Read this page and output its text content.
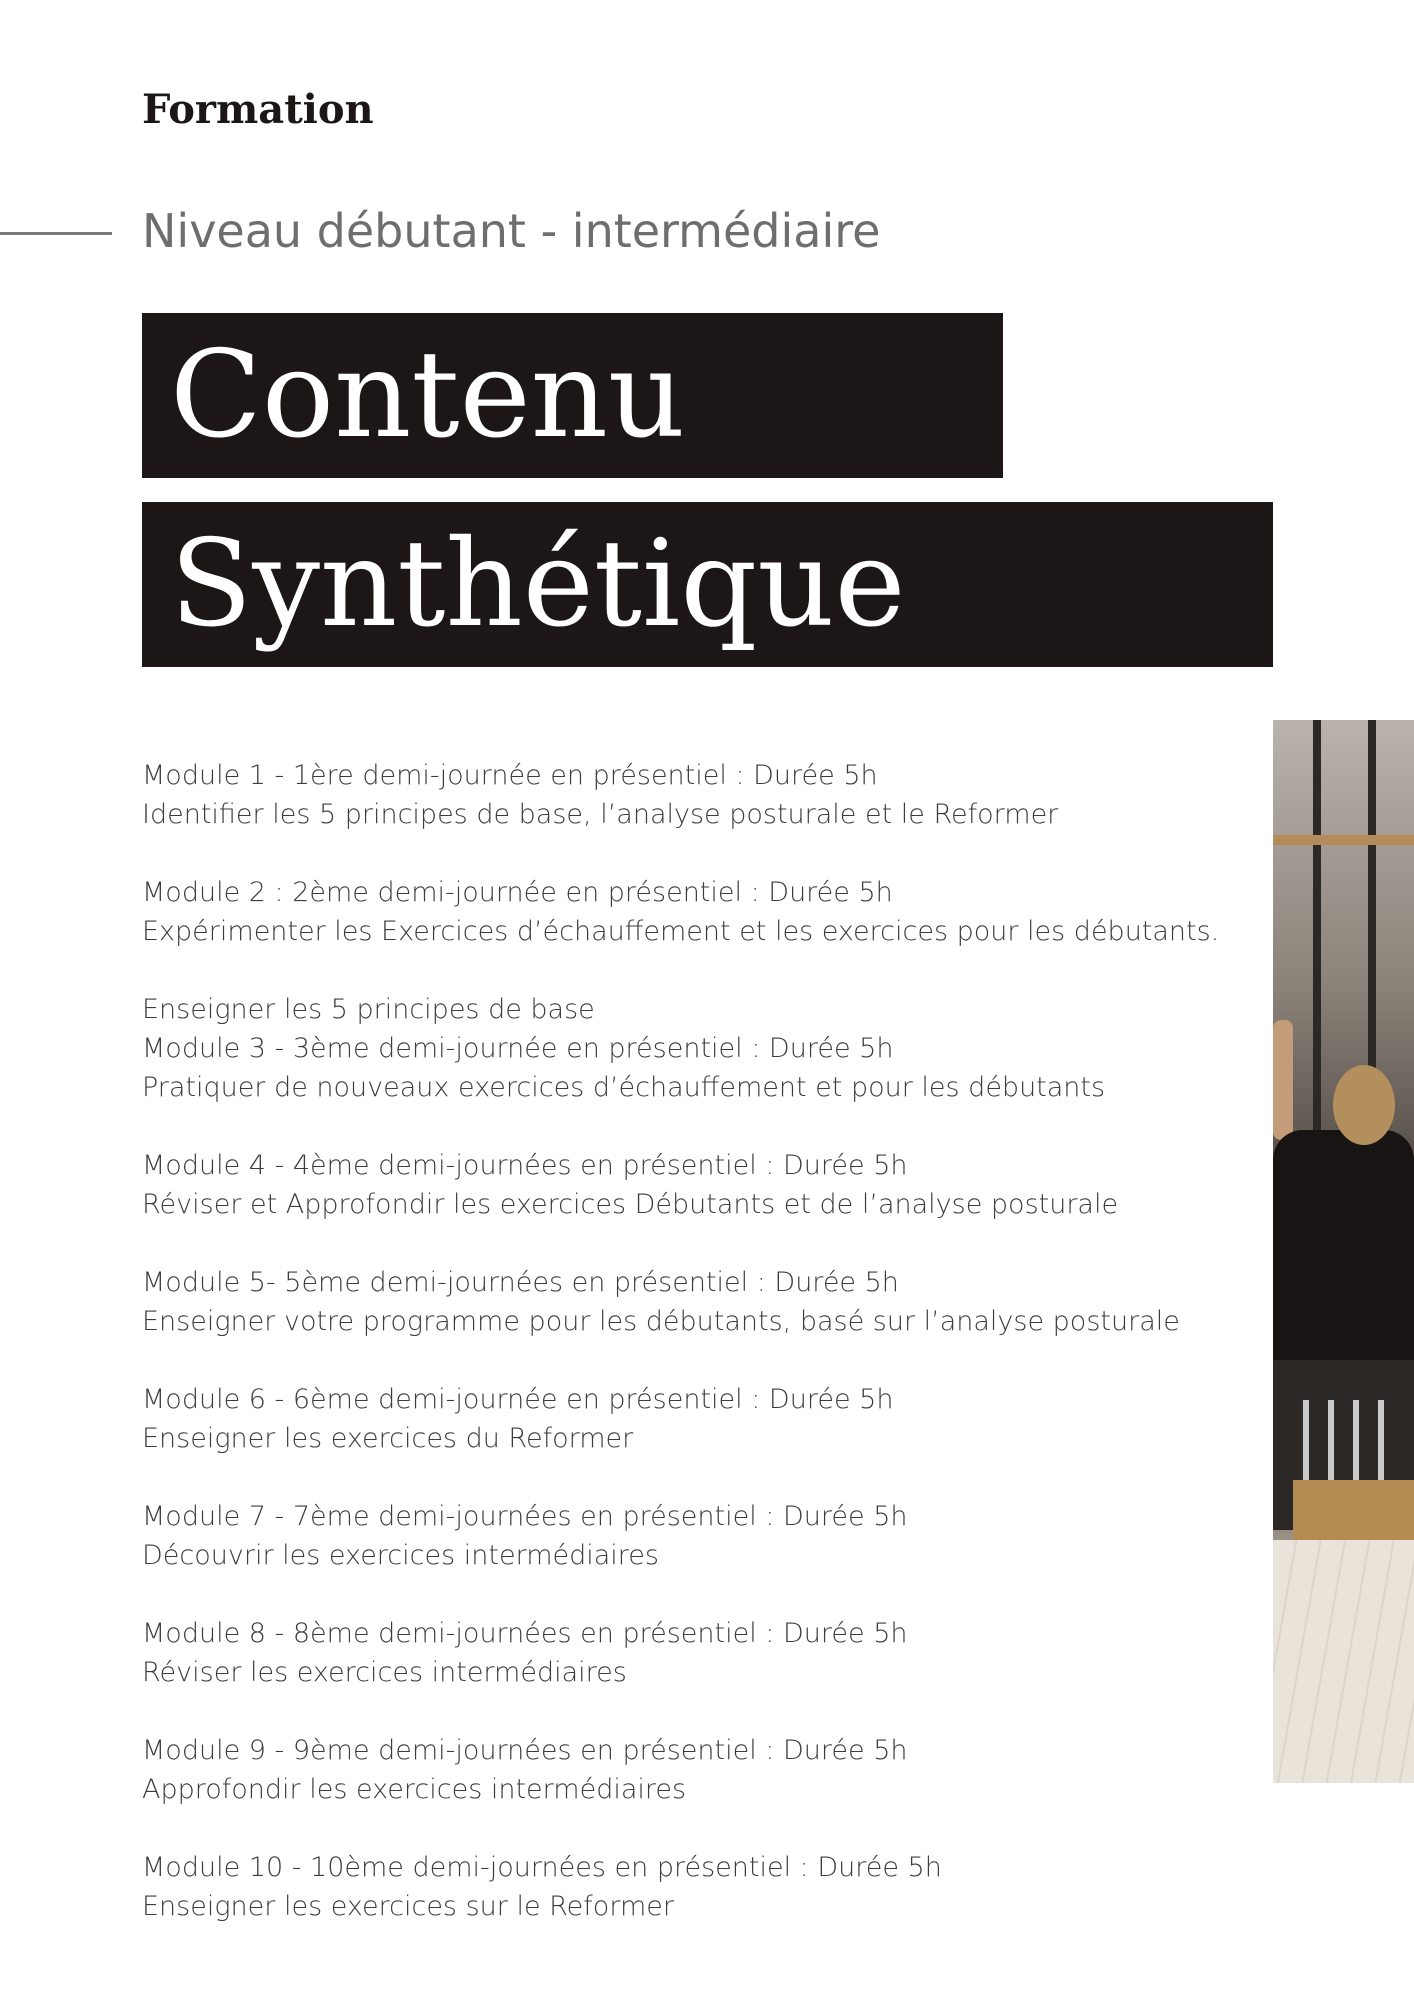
Formation

Niveau débutant - intermédiaire

Contenu
Synthétique
Module 1 - 1ère demi-journée en présentiel : Durée 5h
Identifier les 5 principes de base, l’analyse posturale et le Reformer
Module 2 : 2ème demi-journée en présentiel : Durée 5h
Expérimenter les Exercices d’échauffement et les exercices pour les débutants.
Enseigner les 5 principes de base
Module 3 - 3ème demi-journée en présentiel : Durée 5h
Pratiquer de nouveaux exercices d’échauffement et pour les débutants
Module 4 - 4ème demi-journées en présentiel : Durée 5h
Réviser et Approfondir les exercices Débutants et de l’analyse posturale
Module 5- 5ème demi-journées en présentiel : Durée 5h
Enseigner votre programme pour les débutants, basé sur l’analyse posturale
Module 6 - 6ème demi-journée en présentiel : Durée 5h
Enseigner les exercices du Reformer
Module 7 - 7ème demi-journées en présentiel : Durée 5h
Découvrir les exercices intermédiaires
Module 8 - 8ème demi-journées en présentiel : Durée 5h
Réviser les exercices intermédiaires
Module 9 - 9ème demi-journées en présentiel : Durée 5h
Approfondir les exercices intermédiaires
Module 10 - 10ème demi-journées en présentiel : Durée 5h
Enseigner les exercices sur le Reformer
